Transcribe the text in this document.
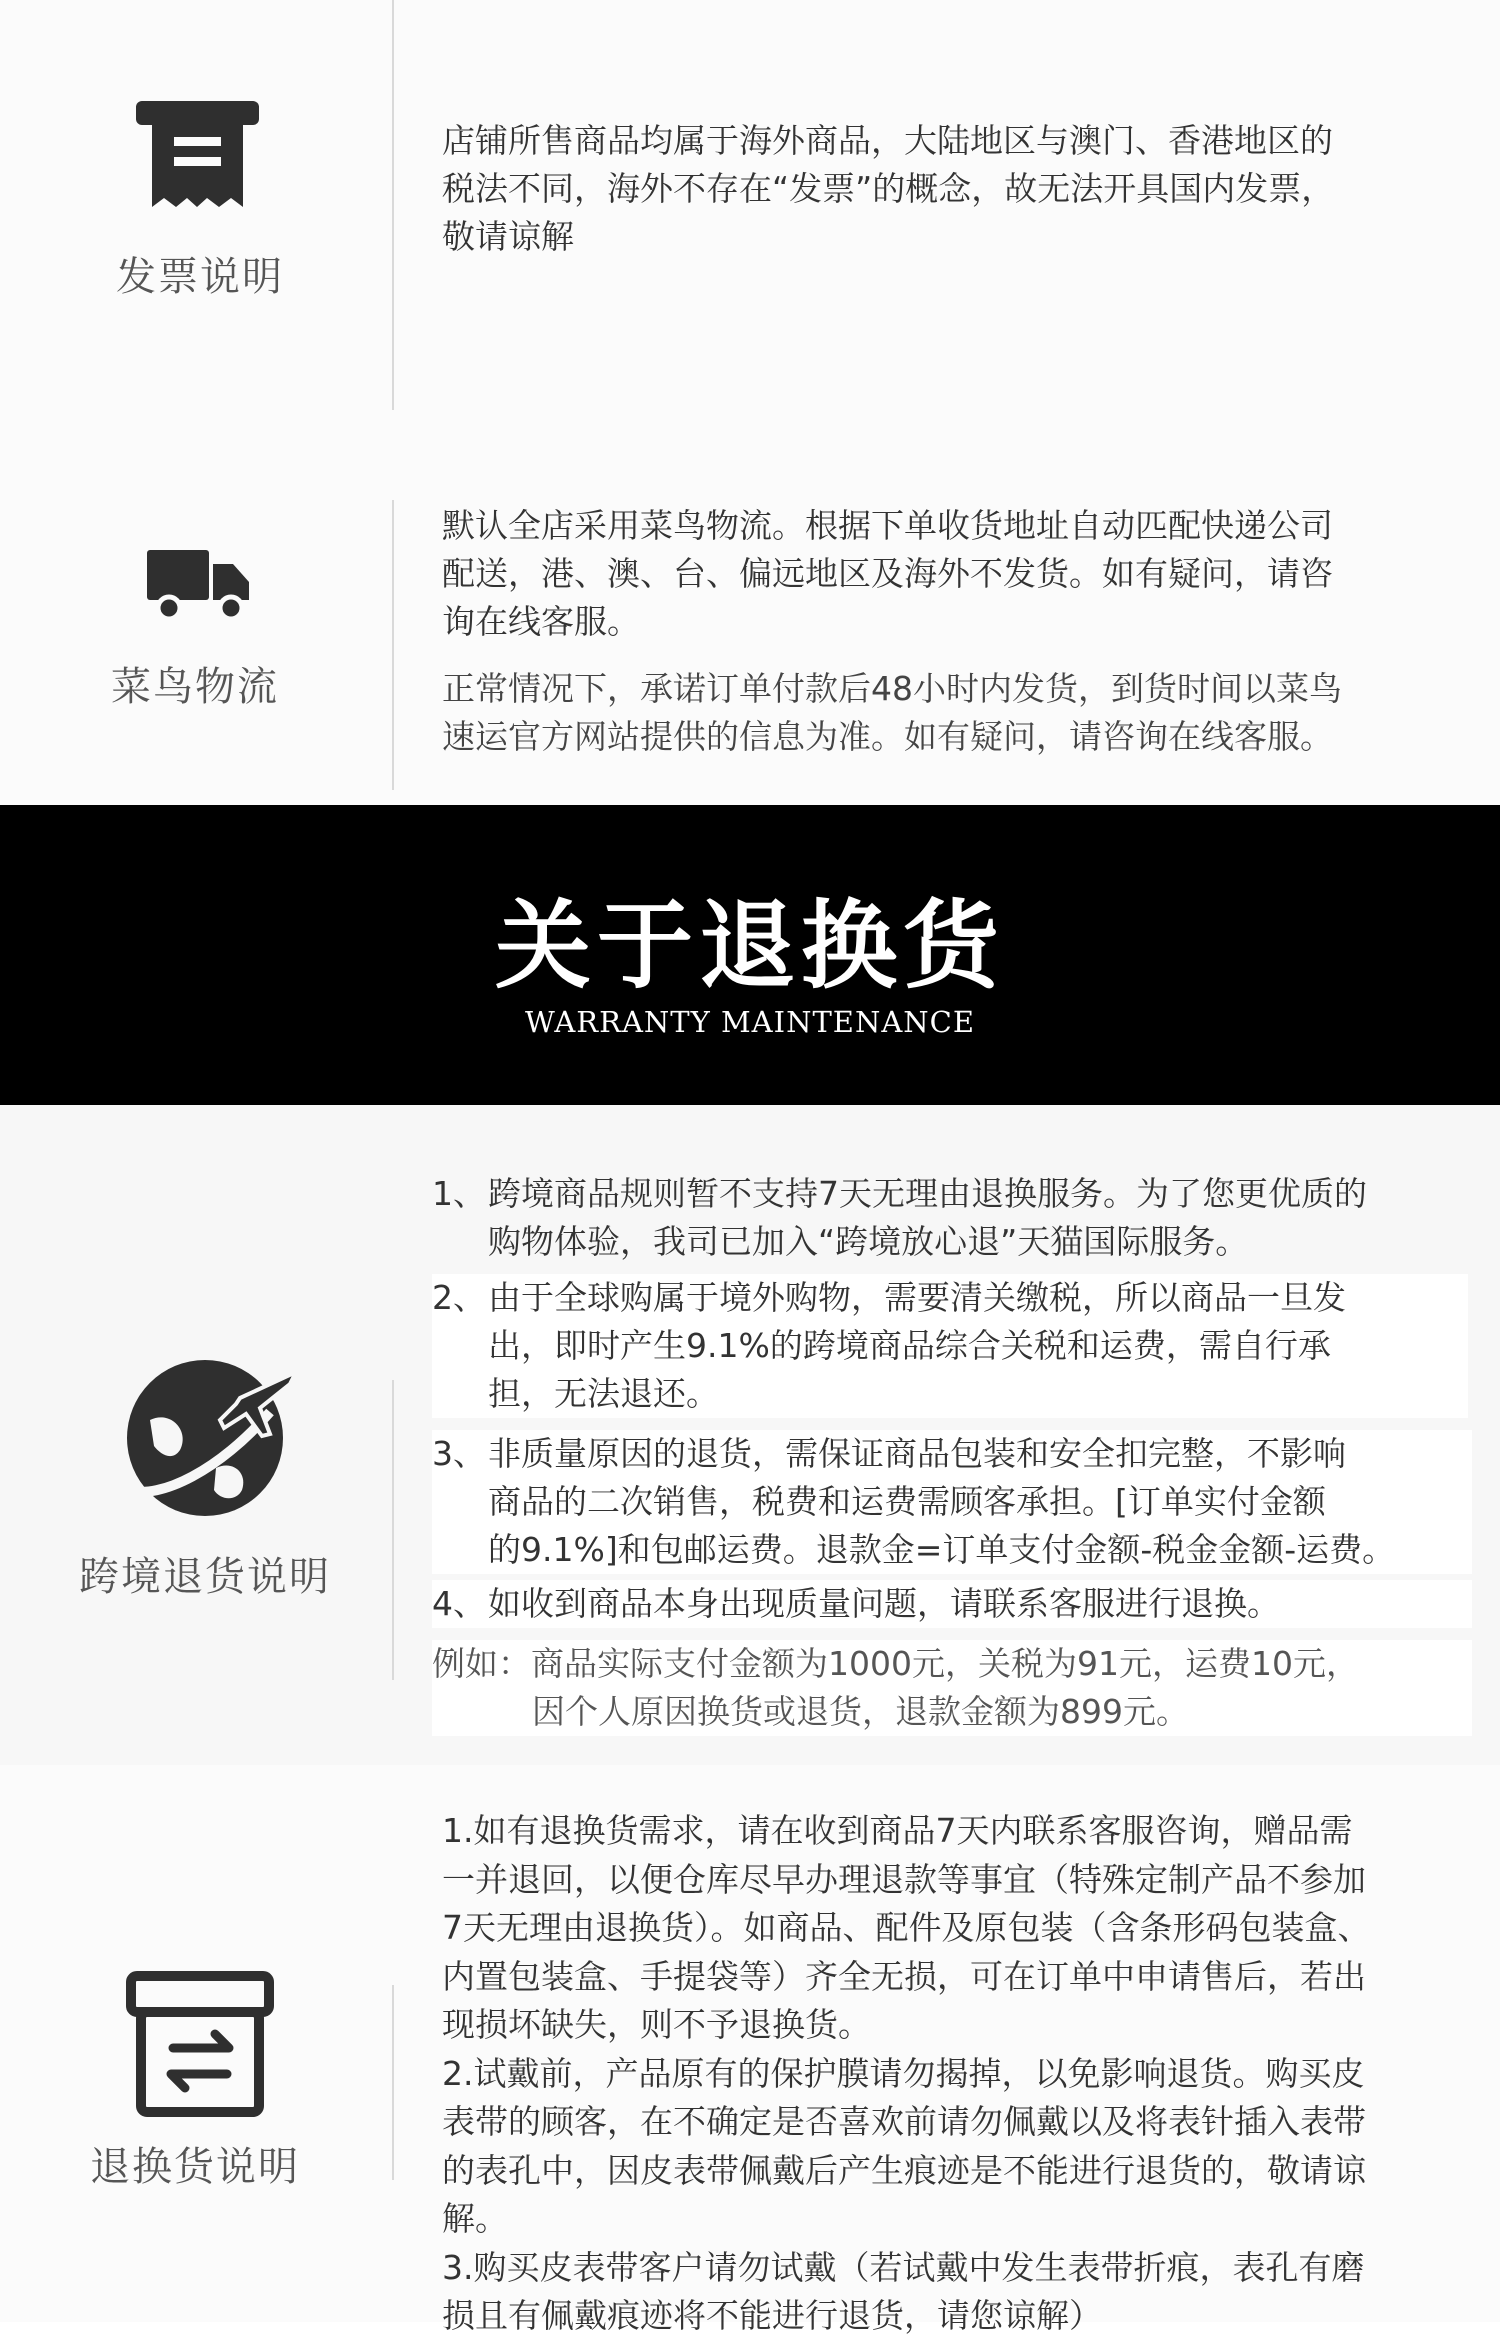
发票说明

店铺所售商品均属于海外商品，大陆地区与澳门、香港地区的

税法不同，海外不存在“发票”的概念，故无法开具国内发票，

敬请谅解

菜鸟物流

默认全店采用菜鸟物流。根据下单收货地址自动匹配快递公司

配送，港、澳、台、偏远地区及海外不发货。如有疑问，请咨

询在线客服。

正常情况下，承诺订单付款后48小时内发货，到货时间以菜鸟

速运官方网站提供的信息为准。如有疑问，请咨询在线客服。

关于退换货
WARRANTY MAINTENANCE
跨境退货说明
1、 跨境商品规则暂不支持7天无理由退换服务。为了您更优质的

购物体验，我司已加入“跨境放心退”天猫国际服务。

2、 由于全球购属于境外购物，需要清关缴税，所以商品一旦发

出，即时产生9.1%的跨境商品综合关税和运费，需自行承

担，无法退还。

3、 非质量原因的退货，需保证商品包装和安全扣完整，不影响

商品的二次销售，税费和运费需顾客承担。[订单实付金额

的9.1%]和包邮运费。退款金=订单支付金额-税金金额-运费。

4、 如收到商品本身出现质量问题，请联系客服进行退换。

例如：商品实际支付金额为1000元，关税为91元，运费10元，

因个人原因换货或退货，退款金额为899元。

退换货说明

1.如有退换货需求，请在收到商品7天内联系客服咨询，赠品需

一并退回，以便仓库尽早办理退款等事宜（特殊定制产品不参加

7天无理由退换货）。如商品、配件及原包装（含条形码包装盒、

内置包装盒、手提袋等）齐全无损，可在订单中申请售后，若出

现损坏缺失，则不予退换货。

2.试戴前，产品原有的保护膜请勿揭掉，以免影响退货。购买皮

表带的顾客，在不确定是否喜欢前请勿佩戴以及将表针插入表带

的表孔中，因皮表带佩戴后产生痕迹是不能进行退货的，敬请谅

解。

3.购买皮表带客户请勿试戴（若试戴中发生表带折痕，表孔有磨

损且有佩戴痕迹将不能进行退货，请您谅解）
